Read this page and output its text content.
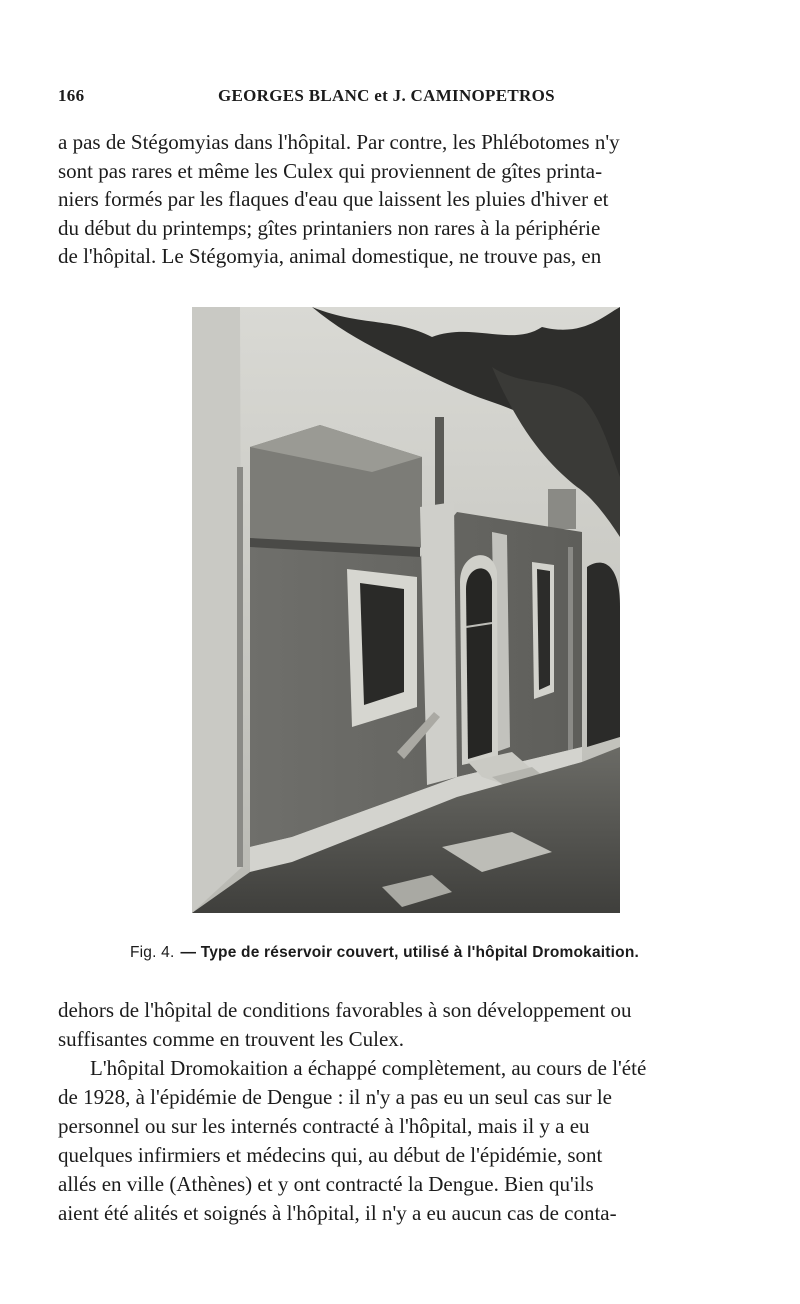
166	GEORGES BLANC et J. CAMINOPETROS

a pas de Stégomyias dans l'hôpital. Par contre, les Phlébotomes n'y

sont pas rares et même les Culex qui proviennent de gîtes printa-

niers formés par les flaques d'eau que laissent les pluies d'hiver et

du début du printemps; gîtes printaniers non rares à la périphérie

de l'hôpital. Le Stégomyia, animal domestique, ne trouve pas, en

Fig. 4. — Type de réservoir couvert, utilisé à l'hôpital Dromokaition.

dehors de l'hôpital de conditions favorables à son développement ou

suffisantes comme en trouvent les Culex.

L'hôpital Dromokaition a échappé complètement, au cours de l'été

de 1928, à l'épidémie de Dengue : il n'y a pas eu un seul cas sur le

personnel ou sur les internés contracté à l'hôpital, mais il y a eu

quelques infirmiers et médecins qui, au début de l'épidémie, sont

allés en ville (Athènes) et y ont contracté la Dengue. Bien qu'ils

aient été alités et soignés à l'hôpital, il n'y a eu aucun cas de conta-
